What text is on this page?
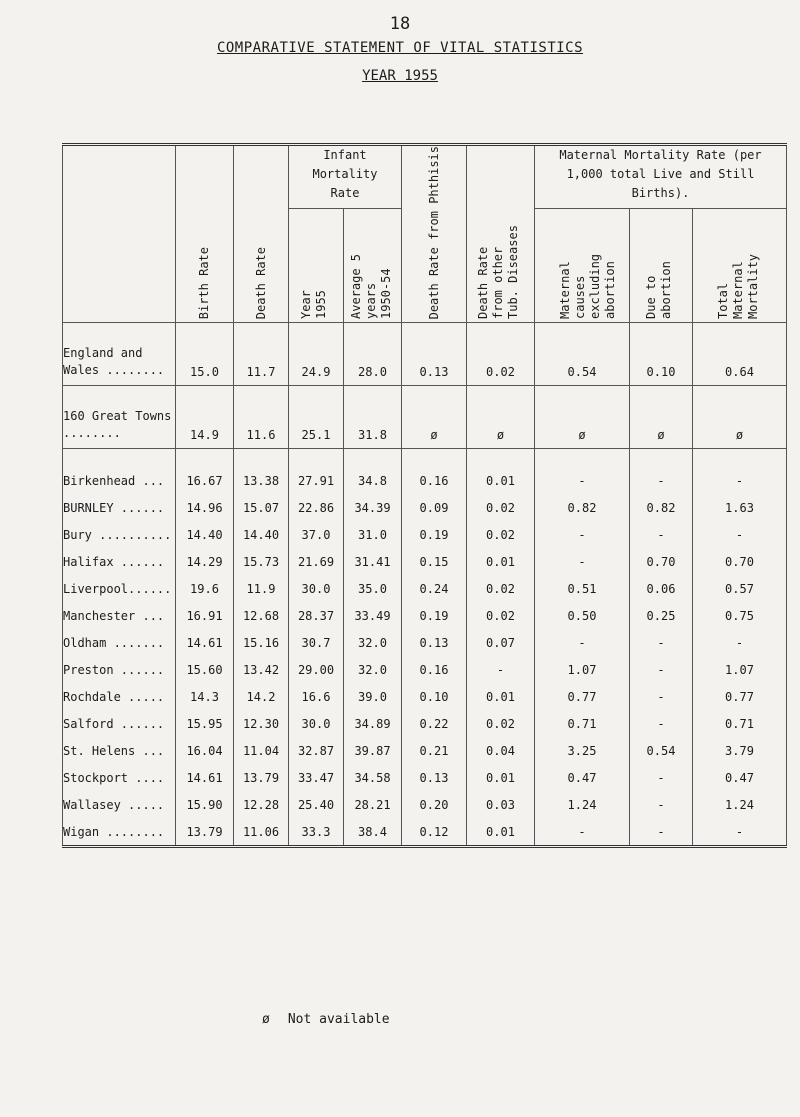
18
COMPARATIVE STATEMENT OF VITAL STATISTICS
YEAR 1955
	Birth Rate	Death Rate	Infant Mortality Rate		Death Rate from Phthisis	Death Rate from other Tub. Diseases	Maternal Mortality Rate (per 1,000 total Live and Still Births).		

			Year 1955	Average 5 years 1950-54			Maternal causes excluding abortion	Due to abortion	Total Maternal Mortality
England and Wales ........	15.0	11.7	24.9	28.0	0.13	0.02	0.54	0.10	0.64
160 Great Towns ........	14.9	11.6	25.1	31.8	ø	ø	ø	ø	ø

Birkenhead ...	16.67	13.38	27.91	34.8	0.16	0.01	-	-	-
BURNLEY ......	14.96	15.07	22.86	34.39	0.09	0.02	0.82	0.82	1.63
Bury ..........	14.40	14.40	37.0	31.0	0.19	0.02	-	-	-
Halifax ......	14.29	15.73	21.69	31.41	0.15	0.01	-	0.70	0.70
Liverpool......	19.6	11.9	30.0	35.0	0.24	0.02	0.51	0.06	0.57
Manchester ...	16.91	12.68	28.37	33.49	0.19	0.02	0.50	0.25	0.75
Oldham .......	14.61	15.16	30.7	32.0	0.13	0.07	-	-	-
Preston ......	15.60	13.42	29.00	32.0	0.16	-	1.07	-	1.07
Rochdale .....	14.3	14.2	16.6	39.0	0.10	0.01	0.77	-	0.77
Salford ......	15.95	12.30	30.0	34.89	0.22	0.02	0.71	-	0.71
St. Helens ...	16.04	11.04	32.87	39.87	0.21	0.04	3.25	0.54	3.79
Stockport ....	14.61	13.79	33.47	34.58	0.13	0.01	0.47	-	0.47
Wallasey .....	15.90	12.28	25.40	28.21	0.20	0.03	1.24	-	1.24
Wigan ........	13.79	11.06	33.3	38.4	0.12	0.01	-	-	-
ø Not available
